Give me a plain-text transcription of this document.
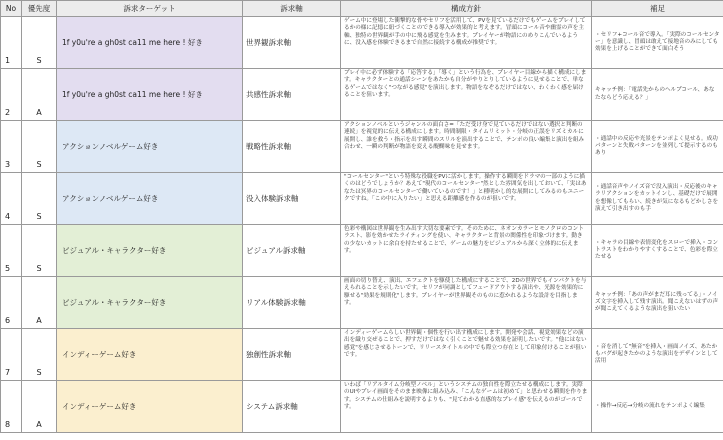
No	優先度	訴求ターゲット	訴求軸	構成方針	補足
1	S	1f y0u're a gh0st ca11 me here ! 好き	世界観訴求軸	ゲーム中に登場した衝撃的な骨やセリフを活用して、PVを見ているだけでもゲームをプレイしてるかの様に記憶に紐づくことのできる導入が効果的と考えます。冒頭にコール音や幽霊の声を主軸、独特の世界観が手の中に飛る感覚を生みます。プレイヤーが物語にのめりこんでいるように、没入感を体験できるまで自然に接続する構成が推奨です。	・セリフ+コール音で導入。「実際のコールセンター」を意識し、冒頭は敢えて接地音のみにしても効果を上げることができて面白そう

2	A	1f y0u're a gh0st ca11 me here ! 好き	共感性訴求軸	プレイ中に必ず体験する「応答する」「導く」という行為を、プレイヤー目線から描く構成にします。キャラクターとの通話シーンをあたかも自分がやりとりしているように見せることで、単なるゲームではなく"つながる感覚"を演出します。物語をなぞるだけではない、わくわく感を届けることを狙います。	キャッチ例：「電話先からのヘルプコール、あなたならどう応える？」

3	S	アクションノベルゲーム好き	戦略性訴求軸	アクションノベルというジャンルの面白さ=「ただ受け身で見ているだけではない選択と判断の連続」を視覚的に伝える構成にします。時間制限・タイムリミット・分岐の正誤をリズミカルに展開し、誰を救う・指示を出す瞬間のスリルを演出することで、テンポの良い編集と演出を組み合わせ、一瞬の判断が物語を変える醍醐味を見せます。	・通話中の反応や光景をテンポよく見せる。成功パターンと失敗パターンを並列して提示するのもあり

4	S	アクションノベルゲーム好き	没入体験訴求軸	"コールセンター"という特殊な役職をPVに活かします。操作する瞬間をドラマの一部のように描くのはどうでしょうか？あえて"現代のコールセンター"然とした雰囲気を出しておいて、「実はあなたは冥界のコールセンターで働いているのです！」と種明かし的な展開にしてみるのもユニークですね。「この中に入りたい」と思える距離感を作るのが狙いです。	・通話音声やノイズ音で没入演出・反応後のキャラリアクションをカットインし、基礎だけで展開を想像してもらい、続きが気になるもどかしさを演えて引き出すのも手

5	S	ビジュアル・キャラクター好き	ビジュアル訴求軸	色彩や構図は世界観を生み出す大切な要素です。そのために、ネオンカラーとモノクロのコントラスト、影を効かせたライティングを使い、キャラクターと背景の関係性を印象づけます。動きの少ないカットに余白を持たせることで、ゲームの魅力をビジュアルから深く立体的に伝えます。	・キャラの目線や表情変化をスローで挿入・コントラストをわかりやすくすることで、色彩を際立たせる

6	A	ビジュアル・キャラクター好き	リアル体験訴求軸	画面の切り替え、演出、エフェクトを駆使した構成にすることで、2Dの世界でもインパクトを与えられることを示したいです。セリフが同調としてフェードアウトする演出や、光源を効果的に駆せる"効果を規則化"します。プレイヤーが世界観そのものに惹かれるような設計を目指します。	キャッチ例：「あの声がまだ耳に残ってる」・ノイズ文字を挿入して残す演出。聞こえないはずの声が聞こえてくるような演出を狙いたい

7	S	インディーゲーム好き	独創性訴求軸	インディーゲームらしい世界観・個性を行い出す構成にします。開発や会話、視覚効果などの演出を織り交ぜることで、押すだけではなく引くことで魅せる効果を証明したいです。"他にはない感覚"を感じさせるトーンで、リリースタイトルの中でも際立つ存在として印象付けることが狙いです。	・音を消して"無音"を挿入・画面ノイズ、あたかもバグが起きたかのような演出をデザインとして活用

8	A	インディーゲーム好き	システム訴求軸	いわば「リアルタイム分岐型ノベル」というシステムの独自性を際立たせる構成にします。実際のUIやプレイ画面をそのまま映像に組み込み、「こんなゲームは初めて」と思わせる瞬間を作ります。システムの仕組みを説明するよりも、"見てわかる直感的なプレイ感"を伝えるのがゴールです。	・操作→反応→分岐の流れをテンポよく編集
